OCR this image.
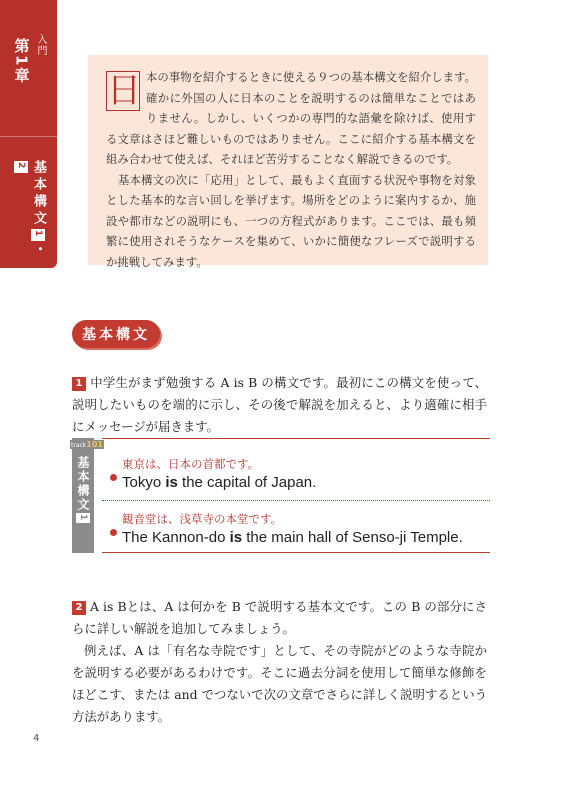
第1章 入門
基本構文1・2
日 本の事物を紹介するときに使える９つの基本構文を紹介します。確かに外国の人に日本のことを説明するのは簡単なことではありません。しかし、いくつかの専門的な語彙を除けば、使用する文章はさほど難しいものではありません。ここに紹介する基本構文を組み合わせて使えば、それほど苦労することなく解説できるのです。
基本構文の次に「応用」として、最もよく直面する状況や事物を対象とした基本的な言い回しを挙げます。場所をどのように案内するか、施設や都市などの説明にも、一つの方程式があります。ここでは、最も頻繁に使用されそうなケースを集めて、いかに簡便なフレーズで説明するか挑戦してみます。
基本構文
1 中学生がまず勉強する A is B の構文です。最初にこの構文を使って、説明したいものを端的に示し、その後で解説を加えると、より適確に相手にメッセージが届きます。
track101
基本構文1
東京は、日本の首都です。
Tokyo is the capital of Japan.
観音堂は、浅草寺の本堂です。
The Kannon-do is the main hall of Senso-ji Temple.
2 A is Bとは、A は何かを B で説明する基本文です。この B の部分にさらに詳しい解説を追加してみましょう。
例えば、A は「有名な寺院です」として、その寺院がどのような寺院かを説明する必要があるわけです。そこに過去分詞を使用して簡単な修飾をほどこす、または and でつないで次の文章でさらに詳しく説明するという方法があります。
4
